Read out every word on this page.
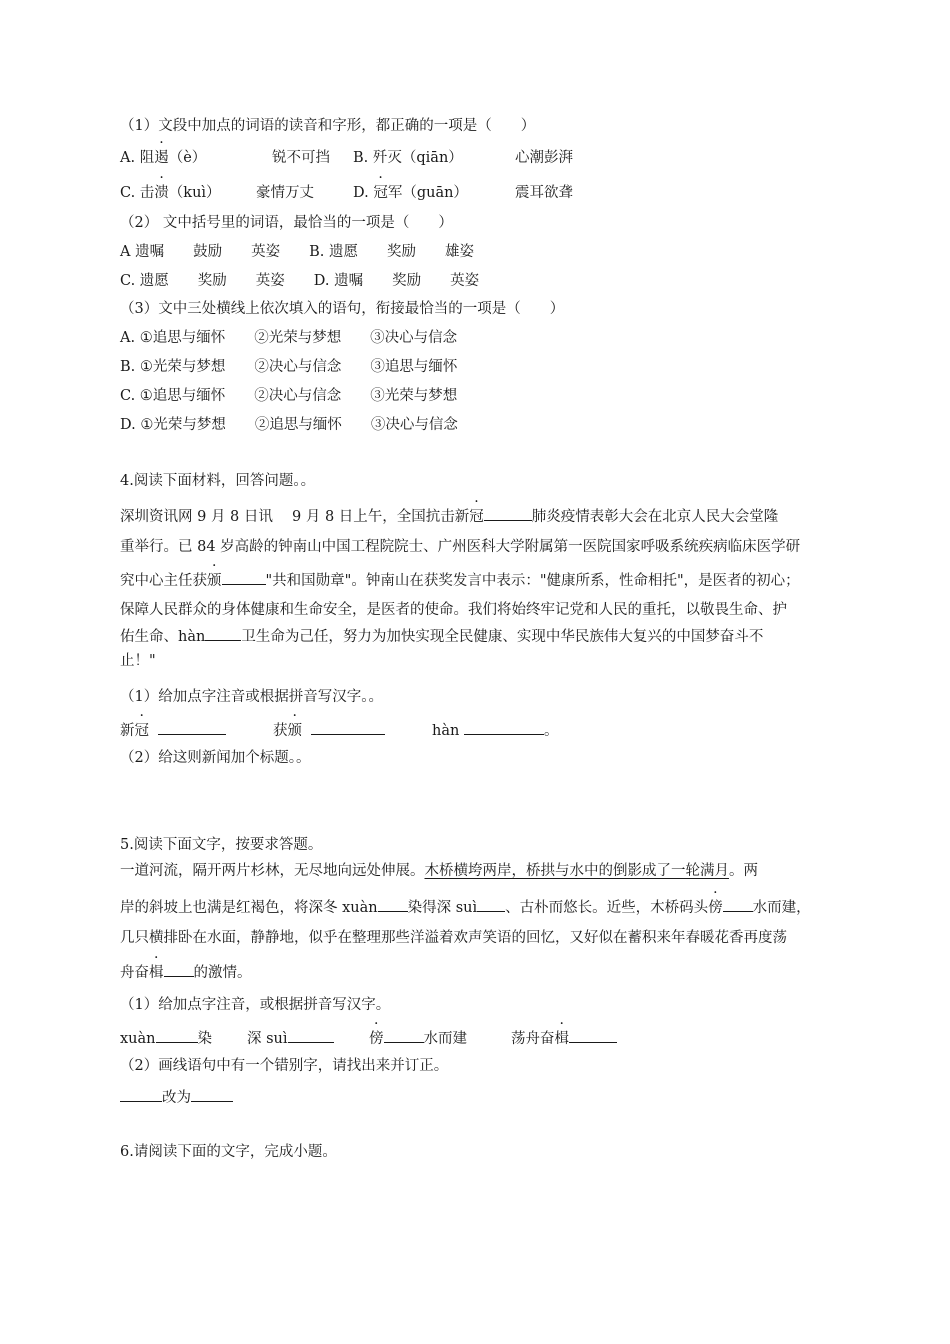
（1）文段中加点的词语的读音和字形，都正确的一项是（　　）
A. 阻遏（è）	锐不可挡 B. 歼灭（qiān）	心潮彭湃
C. 击溃（kuì） 豪情万丈	D. 冠军（guān）	震耳欲聋
（2） 文中括号里的词语，最恰当的一项是（　　）
A 遗嘱　　鼓励　　英姿　　B. 遗愿　　奖励　　雄姿
C. 遗愿　　奖励　　英姿　　D. 遗嘱　　奖励　　英姿
（3）文中三处横线上依次填入的语句，衔接最恰当的一项是（　　）
A. ①追思与缅怀　　②光荣与梦想　　③决心与信念
B. ①光荣与梦想　　②决心与信念　　③追思与缅怀
C. ①追思与缅怀　　②决心与信念　　③光荣与梦想
D. ①光荣与梦想　　②追思与缅怀　　③决心与信念
4.阅读下面材料，回答问题。。
深圳资讯网 9 月 8 日讯　 9 月 8 日上午，全国抗击新冠	肺炎疫情表彰大会在北京人民大会堂隆
重举行。已 84 岁高龄的钟南山中国工程院院士、广州医科大学附属第一医院国家呼吸系统疾病临床医学研
究中心主任获颁	"共和国勋章"。钟南山在获奖发言中表示："健康所系，性命相托"，是医者的初心；
保障人民群众的身体健康和生命安全，是医者的使命。我们将始终牢记党和人民的重托，以敬畏生命、护
佑生命、hàn 卫生命为己任，努力为加快实现全民健康、实现中华民族伟大复兴的中国梦奋斗不
止！"
（1）给加点字注音或根据拼音写汉字。。
新冠	获颁	hàn	。
（2）给这则新闻加个标题。。
5.阅读下面文字，按要求答题。
一道河流，隔开两片杉林，无尽地向远处伸展。木桥横垮两岸，桥拱与水中的倒影成了一轮满月。两
岸的斜坡上也满是红褐色，将深冬 xuàn 染得深 suì 、古朴而悠长。近些，木桥码头傍 水而建，
几只横排卧在水面，静静地，似乎在整理那些洋溢着欢声笑语的回忆，又好似在蓄积来年春暖花香再度荡
舟奋楫 的激情。
（1）给加点字注音，或根据拼音写汉字。
xuàn	染 深 suì	傍	水而建	荡舟奋楫
（2）画线语句中有一个错别字，请找出来并订正。
改为
6.请阅读下面的文字，完成小题。
